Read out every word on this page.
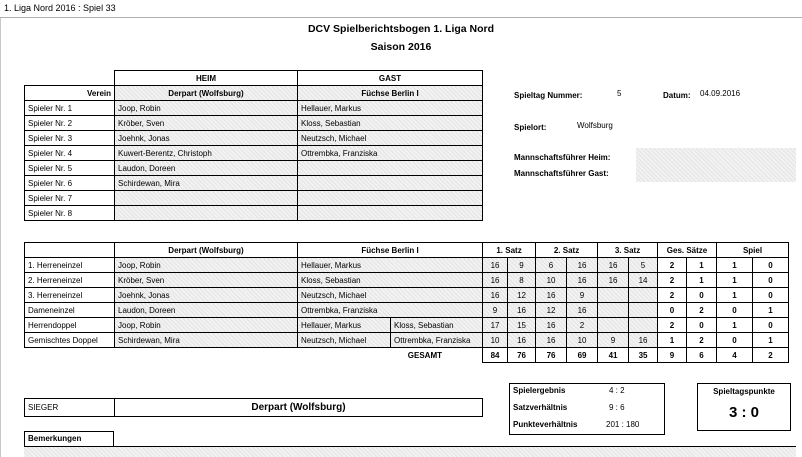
1. Liga Nord 2016 : Spiel 33
DCV Spielberichtsbogen 1. Liga Nord
Saison 2016
	HEIM	GAST
Verein	Derpart (Wolfsburg)	Füchse Berlin I
Spieler Nr. 1	Joop, Robin	Hellauer, Markus
Spieler Nr. 2	Kröber, Sven	Kloss, Sebastian
Spieler Nr. 3	Joehnk, Jonas	Neutzsch, Michael
Spieler Nr. 4	Kuwert-Berentz, Christoph	Ottrembka, Franziska
Spieler Nr. 5	Laudon, Doreen	
Spieler Nr. 6	Schirdewan, Mira	
Spieler Nr. 7		
Spieler Nr. 8		
Spieltag Nummer:	5	Datum: 04.09.2016
Spielort:	Wolfsburg
Mannschaftsführer Heim:
Mannschaftsführer Gast:
	Derpart (Wolfsburg)	Füchse Berlin I		1. Satz		2. Satz		3. Satz		Ges. Sätze		Spiel	
1. Herreneinzel	Joop, Robin	Hellauer, Markus		16	9	6	16	16	5	2	1	1	0
2. Herreneinzel	Kröber, Sven	Kloss, Sebastian		16	8	10	16	16	14	2	1	1	0
3. Herreneinzel	Joehnk, Jonas	Neutzsch, Michael		16	12	16	9			2	0	1	0
Dameneinzel	Laudon, Doreen	Ottrembka, Franziska		9	16	12	16			0	2	0	1
Herrendoppel	Joop, Robin	Hellauer, Markus	Kloss, Sebastian	17	15	16	2			2	0	1	0
Gemischtes Doppel	Schirdewan, Mira	Neutzsch, Michael	Ottrembka, Franziska	10	16	16	10	9	16	1	2	0	1
		GESAMT		84	76	76	69	41	35	9	6	4	2
SIEGER	Derpart (Wolfsburg)
Spielergebnis	4 : 2
Satzverhältnis	9 : 6
Punkteverhältnis	201 : 180
Spieltagspunkte
3 : 0
Bemerkungen
